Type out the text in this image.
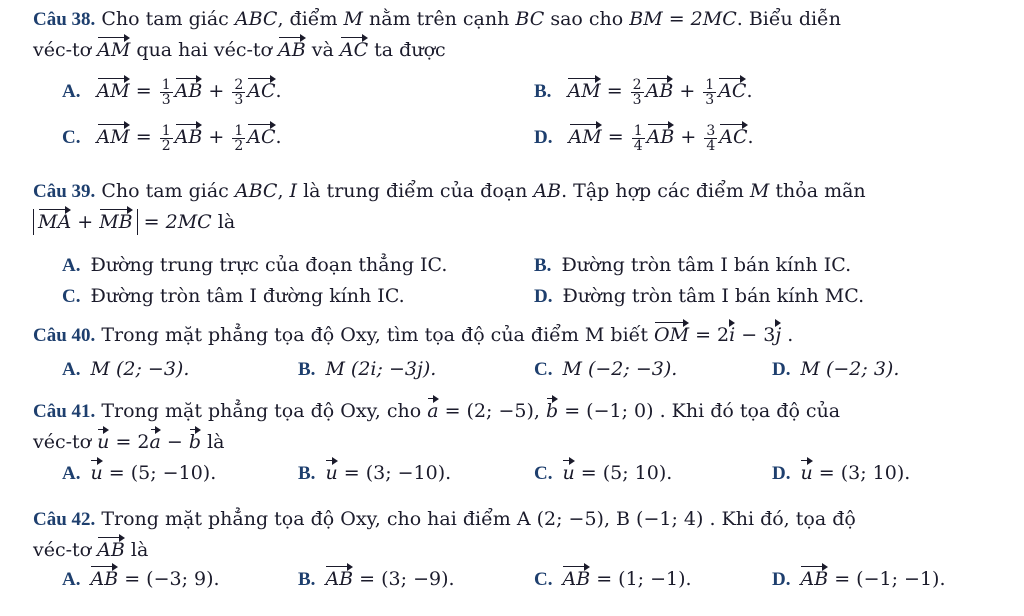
Câu 38. Cho tam giác ABC, điểm M nằm trên cạnh BC sao cho BM = 2MC. Biểu diễn
véc-tơ AM qua hai véc-tơ AB và AC ta được
A. AM = $\frac{1}{3}$ AB + $\frac{2}{3}$ AC.	B. AM = $\frac{2}{3}$ AB + $\frac{1}{3}$ AC.
C. AM = $\frac{1}{2}$ AB + $\frac{1}{2}$ AC.	D. AM = $\frac{1}{4}$ AB + $\frac{3}{4}$ AC.
Câu 39. Cho tam giác ABC, I là trung điểm của đoạn AB. Tập hợp các điểm M thỏa mãn
MA + MB = 2MC là
A. Đường trung trực của đoạn thẳng IC.	B. Đường tròn tâm I bán kính IC.
C. Đường tròn tâm I đường kính IC.	D. Đường tròn tâm I bán kính MC.
Câu 40. Trong mặt phẳng tọa độ Oxy, tìm tọa độ của điểm M biết OM = 2i − 3j .
A. M (2; −3).	B. M (2i; −3j).	C. M (−2; −3).	D. M (−2; 3).
Câu 41. Trong mặt phẳng tọa độ Oxy, cho a = (2; −5), b = (−1; 0) . Khi đó tọa độ của
véc-tơ u = 2a − b là
A. u = (5; −10).	B. u = (3; −10).	C. u = (5; 10).	D. u = (3; 10).
Câu 42. Trong mặt phẳng tọa độ Oxy, cho hai điểm A (2; −5), B (−1; 4) . Khi đó, tọa độ
véc-tơ AB là
A. AB = (−3; 9).	B. AB = (3; −9).	C. AB = (1; −1).	D. AB = (−1; −1).
